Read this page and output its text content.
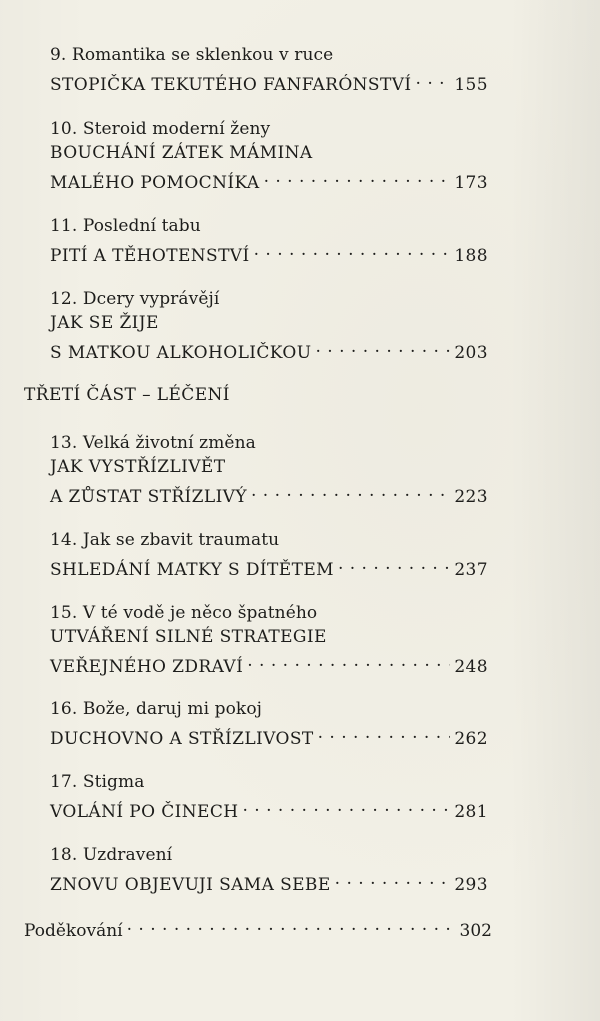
9. Romantika se sklenkou v ruce
STOPIČKA TEKUTÉHO FANFARÓNSTVÍ . . .	155
10. Steroid moderní ženy
BOUCHÁNÍ ZÁTEK MÁMINA
MALÉHO POMOCNÍKA . . .	173
11. Poslední tabu
PITÍ A TĚHOTENSTVÍ . . .	188
12. Dcery vyprávějí
JAK SE ŽIJE
S MATKOU ALKOHOLIČKOU . . .	203
TŘETÍ ČÁST – LÉČENÍ
13. Velká životní změna
JAK VYSTŘÍZLIVĚT
A ZŮSTAT STŘÍZLIVÝ . . .	223
14. Jak se zbavit traumatu
SHLEDÁNÍ MATKY S DÍTĚTEM . . .	237
15. V té vodě je něco špatného
UTVÁŘENÍ SILNÉ STRATEGIE
VEŘEJNÉHO ZDRAVÍ . . .	248
16. Bože, daruj mi pokoj
DUCHOVNO A STŘÍZLIVOST . . .	262
17. Stigma
VOLÁNÍ PO ČINECH . . .	281
18. Uzdravení
ZNOVU OBJEVUJI SAMA SEBE . . .	293
Poděkování . . .	302
